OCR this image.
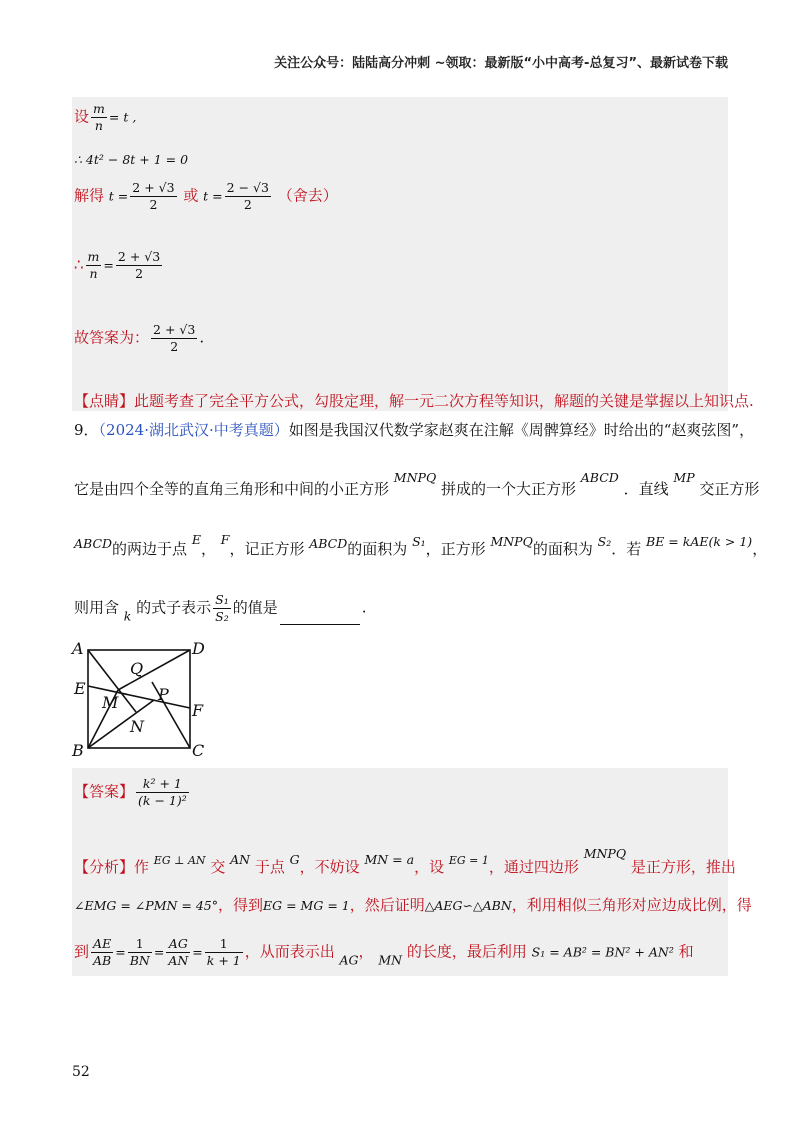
关注公众号：陆陆高分冲刺 ~领取：最新版“小中高考-总复习”、最新试卷下载
设 $\frac{m}{n} = t$ ,
∴ 4t² − 8t + 1 = 0
解得 $t = \frac{2 + √3}{2}$ 或 $t = \frac{2 - √3}{2}$ （舍去）
∴ $\frac{m}{n} = \frac{2 + √3}{2}$
故答案为： $\frac{2 + √3}{2}$ .
【点睛】此题考查了完全平方公式，勾股定理，解一元二次方程等知识，解题的关键是掌握以上知识点.
9．（2024·湖北武汉·中考真题）如图是我国汉代数学家赵爽在注解《周髀算经》时给出的“赵爽弦图”，
它是由四个全等的直角三角形和中间的小正方形 $^{MNPQ}$ 拼成的一个大正方形 $^{ABCD}$ ．直线 $^{MP}$ 交正方形
$^{ABCD}$的两边于点 $^E$， $^F$，记正方形 $^{ABCD}$的面积为 $^{S_1}$，正方形 $^{MNPQ}$的面积为 $^{S_2}$．若 $^{BE = kAE(k > 1)}$，
则用含 $_k$ 的式子表示 $\frac{\text{S₁}}{\text{S₂}}$ 的值是	.
A	D
B	C
E
F
Q
P
M
N
【答案】 $\frac{\text{k² + 1}}{\text{(k − 1)²}}$
【分析】作 $^{EG \perp AN}$ 交 $^{AN}$ 于点 $^G$，不妨设 $^{MN = a}$，设 $^{EG = 1}$，通过四边形 $^{MNPQ}$ 是正方形，推出
∠EMG = ∠PMN = 45°，得到EG = MG = 1，然后证明△AEG∽△ABN，利用相似三角形对应边成比例，得
到 $\frac{AE}{AB} = \frac{1}{BN} = \frac{AG}{AN} = \frac{1}{k + 1}$ ，从而表示出 $_{AG}$， $_{MN}$ 的长度，最后利用 S₁ = AB² = BN² + AN² 和
52
